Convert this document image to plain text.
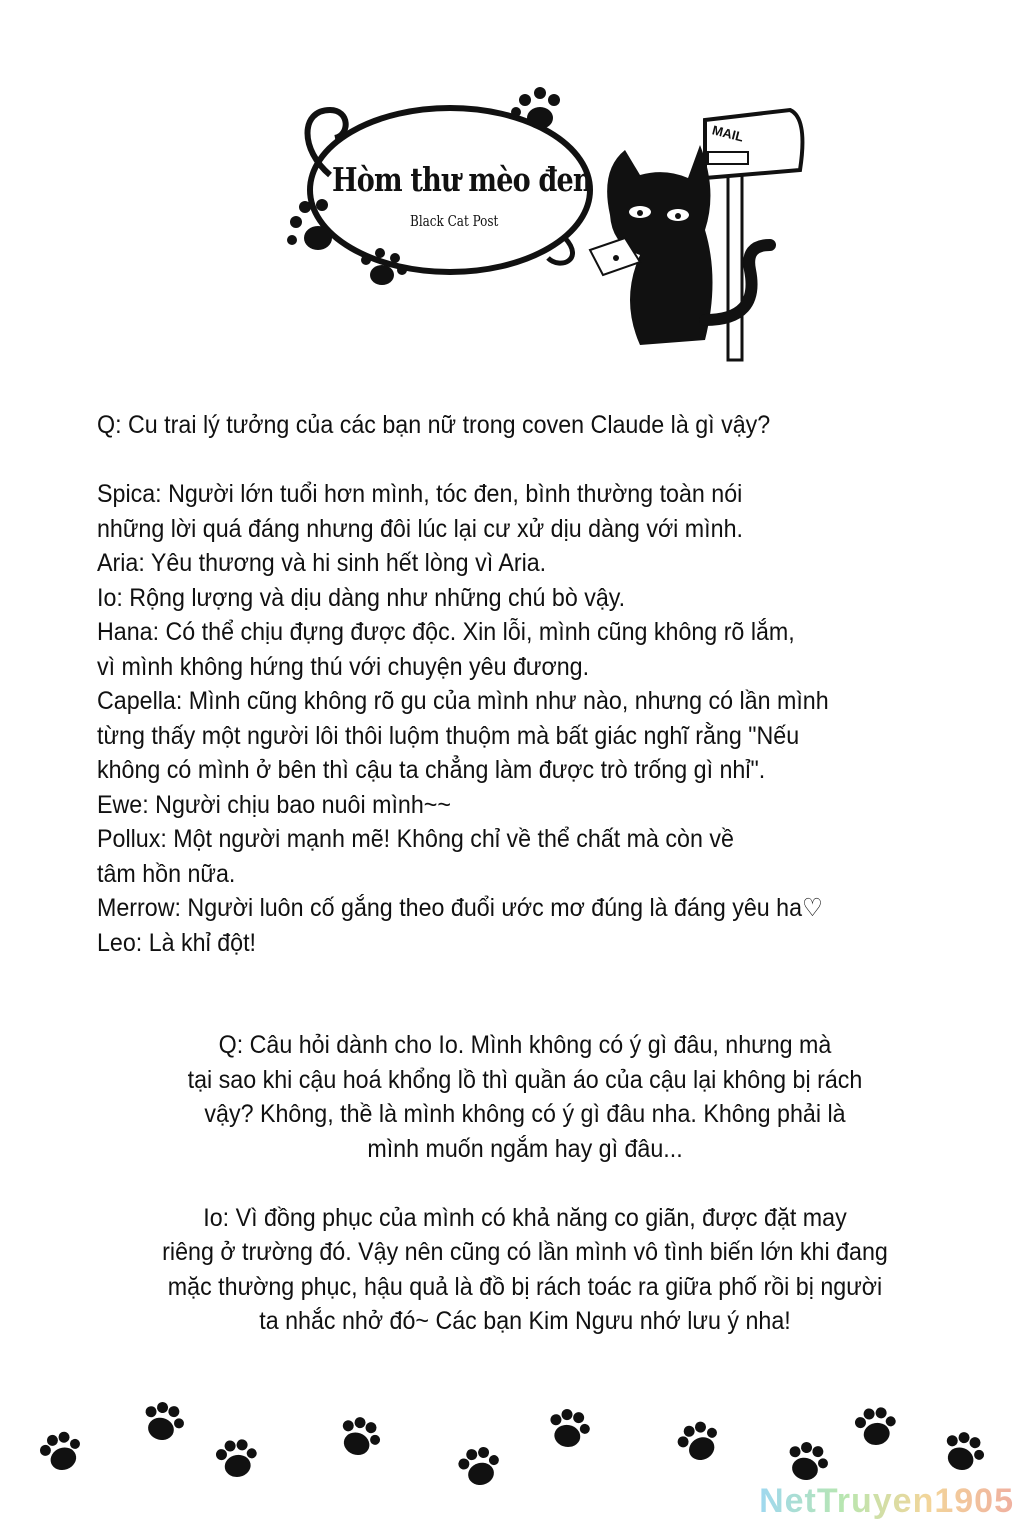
Hòm thư mèo đen
Black Cat Post
MAIL
Q: Cu trai lý tưởng của các bạn nữ trong coven Claude là gì vậy?
Spica: Người lớn tuổi hơn mình, tóc đen, bình thường toàn nói
những lời quá đáng nhưng đôi lúc lại cư xử dịu dàng với mình.
Aria: Yêu thương và hi sinh hết lòng vì Aria.
Io: Rộng lượng và dịu dàng như những chú bò vậy.
Hana: Có thể chịu đựng được độc. Xin lỗi, mình cũng không rõ lắm,
vì mình không hứng thú với chuyện yêu đương.
Capella: Mình cũng không rõ gu của mình như nào, nhưng có lần mình
từng thấy một người lôi thôi luộm thuộm mà bất giác nghĩ rằng "Nếu
không có mình ở bên thì cậu ta chẳng làm được trò trống gì nhỉ".
Ewe: Người chịu bao nuôi mình~~
Pollux: Một người mạnh mẽ! Không chỉ về thể chất mà còn về
tâm hồn nữa.
Merrow: Người luôn cố gắng theo đuổi ước mơ đúng là đáng yêu ha♡
Leo: Là khỉ đột!
Q: Câu hỏi dành cho Io. Mình không có ý gì đâu, nhưng mà
tại sao khi cậu hoá khổng lồ thì quần áo của cậu lại không bị rách
vậy? Không, thề là mình không có ý gì đâu nha. Không phải là
mình muốn ngắm hay gì đâu...
Io: Vì đồng phục của mình có khả năng co giãn, được đặt may
riêng ở trường đó. Vậy nên cũng có lần mình vô tình biến lớn khi đang
mặc thường phục, hậu quả là đồ bị rách toác ra giữa phố rồi bị người
ta nhắc nhở đó~ Các bạn Kim Ngưu nhớ lưu ý nha!
NetTruyen1905
